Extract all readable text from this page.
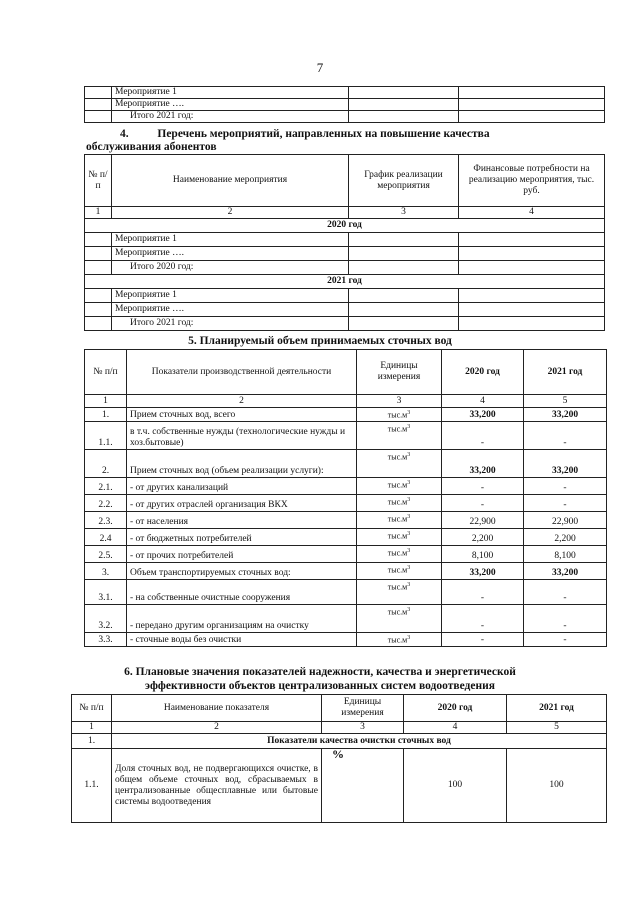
7
	Мероприятие 1		
	Мероприятие ….		
	Итого 2021 год:		
4.          Перечень мероприятий, направленных на повышение качества
обслуживания абонентов
№ п/п	Наименование мероприятия	График реализации мероприятия	Финансовые потребности на реализацию мероприятия, тыс. руб.
1	2	3	4
2020 год			
	Мероприятие 1		
	Мероприятие ….		
	Итого 2020 год:		
2021 год			
	Мероприятие 1		
	Мероприятие ….		
	Итого 2021 год:		
5. Планируемый объем принимаемых сточных вод
№ п/п	Показатели производственной деятельности	Единицы измерения	2020 год	2021 год
1	2	3	4	5
1.	Прием сточных вод, всего	$тыс.м^3$	33,200	33,200
1.1.	в т.ч. собственные нужды (технологические нужды и хоз.бытовые)	$тыс.м^3$	-	-
2.	Прием сточных вод (объем реализации услуги):	$тыс.м^3$	33,200	33,200
2.1.	- от других канализаций	$тыс.м^3$	-	-
2.2.	- от других отраслей организация ВКХ	$тыс.м^3$	-	-
2.3.	- от населения	$тыс.м^3$	22,900	22,900
2.4	- от бюджетных потребителей	$тыс.м^3$	2,200	2,200
2.5.	- от прочих потребителей	$тыс.м^3$	8,100	8,100
3.	Объем транспортируемых сточных вод:	$тыс.м^3$	33,200	33,200
3.1.	- на собственные очистные сооружения	$тыс.м^3$	-	-
3.2.	- передано другим организациям на очистку	$тыс.м^3$	-	-
3.3.	- сточные воды без очистки	$тыс.м^3$	-	-
6. Плановые значения показателей надежности, качества и энергетической
эффективности объектов централизованных систем водоотведения
№ п/п	Наименование показателя	Единицы измерения	2020 год	2021 год
1	2	3	4	5
1.	Показатели качества очистки сточных вод			
1.1.	Доля сточных вод, не подвергающихся очистке, в общем объеме сточных вод, сбрасываемых в централизованные общесплавные или бытовые системы водоотведения	%	100	100
